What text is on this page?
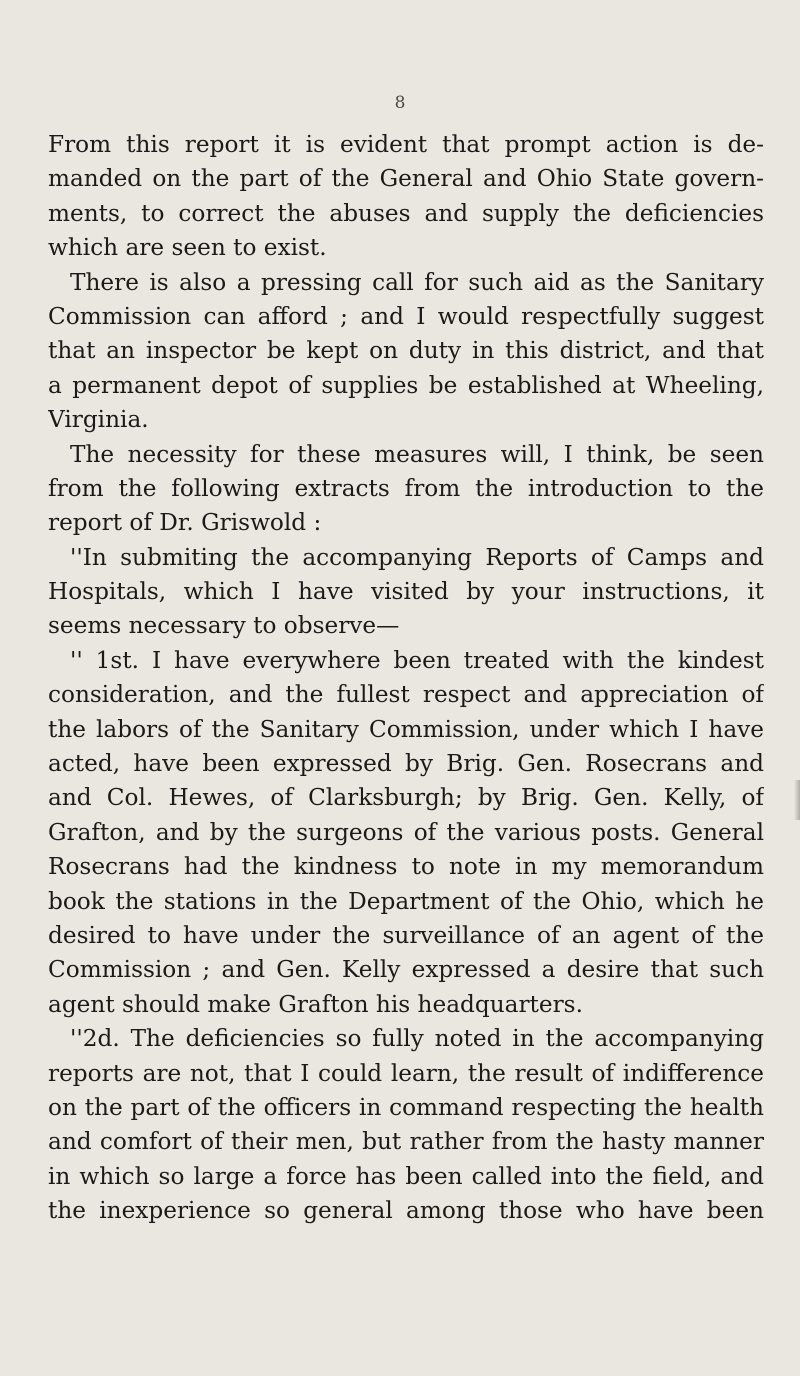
8
From this report it is evident that prompt action is de-
manded on the part of the General and Ohio State govern-
ments, to correct the abuses and supply the deficiencies
which are seen to exist.
There is also a pressing call for such aid as the Sanitary
Commission can afford ; and I would respectfully suggest
that an inspector be kept on duty in this district, and that
a permanent depot of supplies be established at Wheeling,
Virginia.
The necessity for these measures will, I think, be seen
from the following extracts from the introduction to the
report of Dr. Griswold :
''In submiting the accompanying Reports of Camps and
Hospitals, which I have visited by your instructions, it
seems necessary to observe—
'' 1st. I have everywhere been treated with the kindest
consideration, and the fullest respect and appreciation of
the labors of the Sanitary Commission, under which I have
acted, have been expressed by Brig. Gen. Rosecrans and
and Col. Hewes, of Clarksburgh; by Brig. Gen. Kelly, of
Grafton, and by the surgeons of the various posts. General
Rosecrans had the kindness to note in my memorandum
book the stations in the Department of the Ohio, which he
desired to have under the surveillance of an agent of the
Commission ; and Gen. Kelly expressed a desire that such
agent should make Grafton his headquarters.
''2d. The deficiencies so fully noted in the accompanying
reports are not, that I could learn, the result of indifference
on the part of the officers in command respecting the health
and comfort of their men, but rather from the hasty manner
in which so large a force has been called into the field, and
the inexperience so general among those who have been
